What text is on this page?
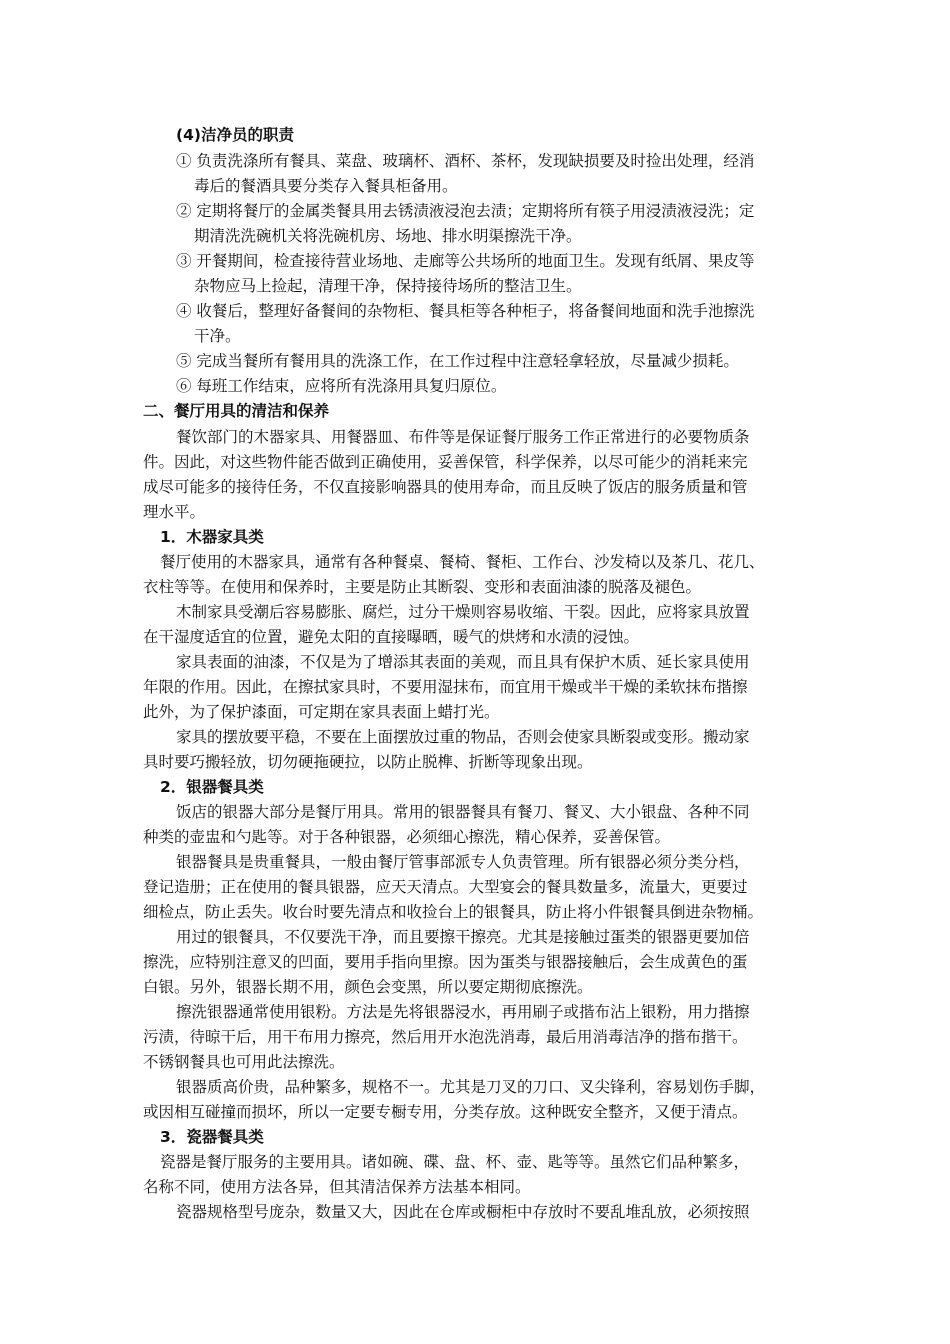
(4)洁净员的职责
① 负责洗涤所有餐具、菜盘、玻璃杯、酒杯、茶杯，发现缺损要及时捡出处理，经消
毒后的餐酒具要分类存入餐具柜备用。
② 定期将餐厅的金属类餐具用去锈渍液浸泡去渍；定期将所有筷子用浸渍液浸洗；定
期清洗洗碗机关将洗碗机房、场地、排水明渠擦洗干净。
③ 开餐期间，检查接待营业场地、走廊等公共场所的地面卫生。发现有纸屑、果皮等
杂物应马上捡起，清理干净，保持接待场所的整洁卫生。
④ 收餐后，整理好备餐间的杂物柜、餐具柜等各种柜子，将备餐间地面和洗手池擦洗
干净。
⑤ 完成当餐所有餐用具的洗涤工作，在工作过程中注意轻拿轻放，尽量减少损耗。
⑥ 每班工作结束，应将所有洗涤用具复归原位。
二、餐厅用具的清洁和保养
餐饮部门的木器家具、用餐器皿、布件等是保证餐厅服务工作正常进行的必要物质条
件。因此，对这些物件能否做到正确使用，妥善保管，科学保养，以尽可能少的消耗来完
成尽可能多的接待任务，不仅直接影响器具的使用寿命，而且反映了饭店的服务质量和管
理水平。
1．木器家具类
餐厅使用的木器家具，通常有各种餐桌、餐椅、餐柜、工作台、沙发椅以及茶几、花几、
衣柱等等。在使用和保养时，主要是防止其断裂、变形和表面油漆的脱落及褪色。
木制家具受潮后容易膨胀、腐烂，过分干燥则容易收缩、干裂。因此，应将家具放置
在干湿度适宜的位置，避免太阳的直接曝晒，暖气的烘烤和水渍的浸蚀。
家具表面的油漆，不仅是为了增添其表面的美观，而且具有保护木质、延长家具使用
年限的作用。因此，在擦拭家具时，不要用湿抹布，而宜用干燥或半干燥的柔软抹布揩擦
此外，为了保护漆面，可定期在家具表面上蜡打光。
家具的摆放要平稳，不要在上面摆放过重的物品，否则会使家具断裂或变形。搬动家
具时要巧搬轻放，切勿硬拖硬拉，以防止脱榫、折断等现象出现。
2．银器餐具类
饭店的银器大部分是餐厅用具。常用的银器餐具有餐刀、餐叉、大小银盘、各种不同
种类的壶盅和勺匙等。对于各种银器，必须细心擦洗，精心保养，妥善保管。
银器餐具是贵重餐具，一般由餐厅管事部派专人负责管理。所有银器必须分类分档，
登记造册；正在使用的餐具银器，应天天清点。大型宴会的餐具数量多，流量大，更要过
细检点，防止丢失。收台时要先清点和收捡台上的银餐具，防止将小件银餐具倒进杂物桶。
用过的银餐具，不仅要洗干净，而且要擦干擦亮。尤其是接触过蛋类的银器更要加倍
擦洗，应特别注意叉的凹面，要用手指向里擦。因为蛋类与银器接触后，会生成黄色的蛋
白银。另外，银器长期不用，颜色会变黑，所以要定期彻底擦洗。
擦洗银器通常使用银粉。方法是先将银器浸水，再用刷子或揩布沾上银粉，用力揩擦
污渍，待晾干后，用干布用力擦亮，然后用开水泡洗消毒，最后用消毒洁净的揩布揩干。
不锈钢餐具也可用此法擦洗。
银器质高价贵，品种繁多，规格不一。尤其是刀叉的刀口、叉尖锋利，容易划伤手脚，
或因相互碰撞而损坏，所以一定要专橱专用，分类存放。这种既安全整齐，又便于清点。
3．瓷器餐具类
瓷器是餐厅服务的主要用具。诸如碗、碟、盘、杯、壶、匙等等。虽然它们品种繁多，
名称不同，使用方法各异，但其清洁保养方法基本相同。
瓷器规格型号庞杂，数量又大，因此在仓库或橱柜中存放时不要乱堆乱放，必须按照
